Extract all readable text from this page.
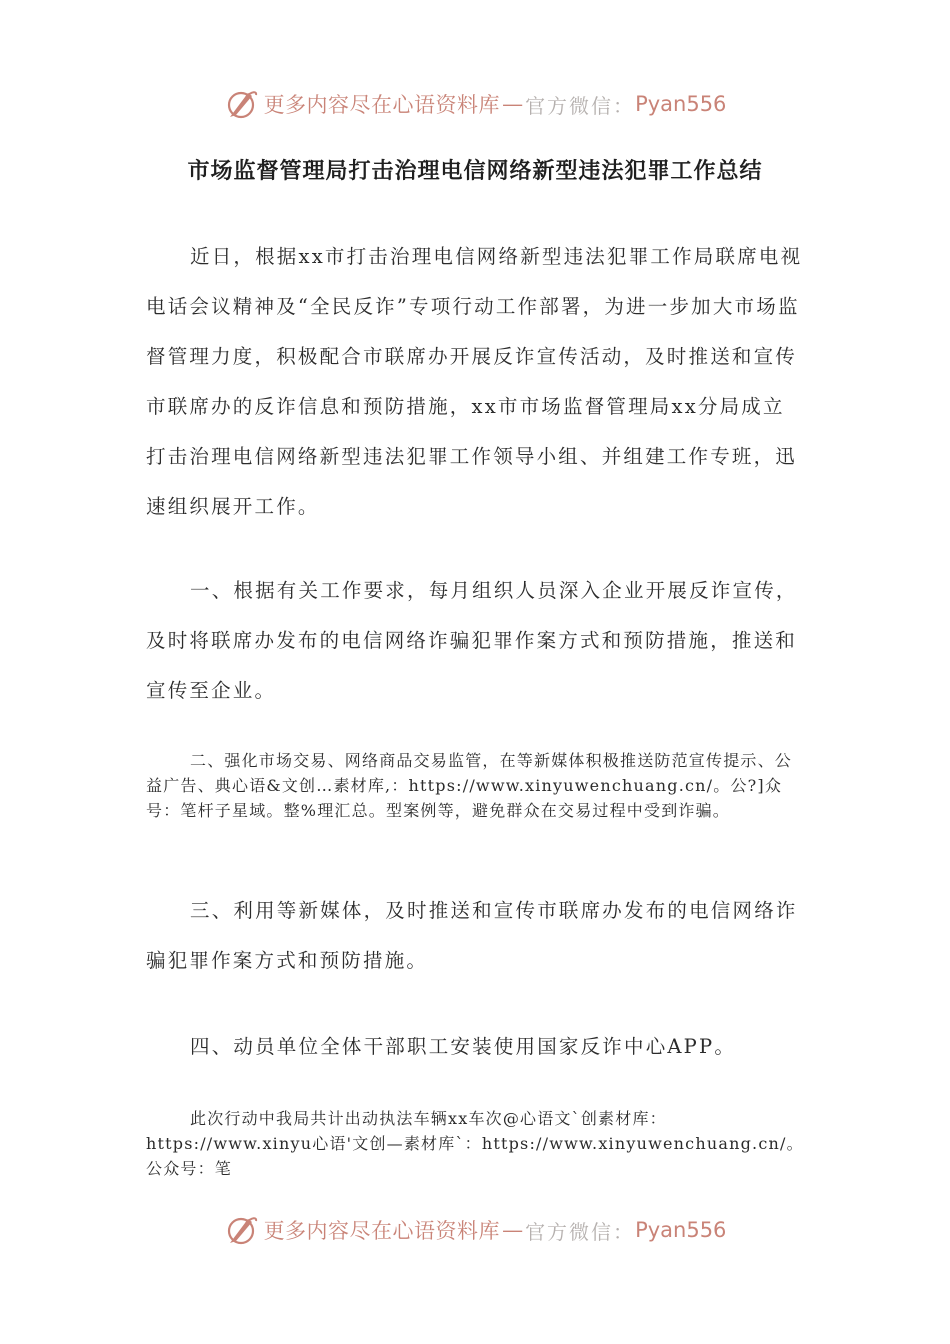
更多内容尽在心语资料库 — 官方微信： Pyan556
市场监督管理局打击治理电信网络新型违法犯罪工作总结

近日，根据xx市打击治理电信网络新型违法犯罪工作局联席电视电话会议精神及“全民反诈”专项行动工作部署，为进一步加大市场监督管理力度，积极配合市联席办开展反诈宣传活动，及时推送和宣传市联席办的反诈信息和预防措施，xx市市场监督管理局xx分局成立打击治理电信网络新型违法犯罪工作领导小组、并组建工作专班，迅速组织展开工作。

一、根据有关工作要求，每月组织人员深入企业开展反诈宣传，及时将联席办发布的电信网络诈骗犯罪作案方式和预防措施，推送和宣传至企业。

二、强化市场交易、网络商品交易监管，在等新媒体积极推送防范宣传提示、公益广告、典心语&文创…素材库,：https://www.xinyuwenchuang.cn/。公?]众号：笔杆子星域。整%理汇总。型案例等，避免群众在交易过程中受到诈骗。

三、利用等新媒体，及时推送和宣传市联席办发布的电信网络诈骗犯罪作案方式和预防措施。

四、动员单位全体干部职工安装使用国家反诈中心APP。

此次行动中我局共计出动执法车辆xx车次@心语文`创素材库：https://www.xinyu心语'文创—素材库`：https://www.xinyuwenchuang.cn/。公众号：笔

更多内容尽在心语资料库 — 官方微信： Pyan556
